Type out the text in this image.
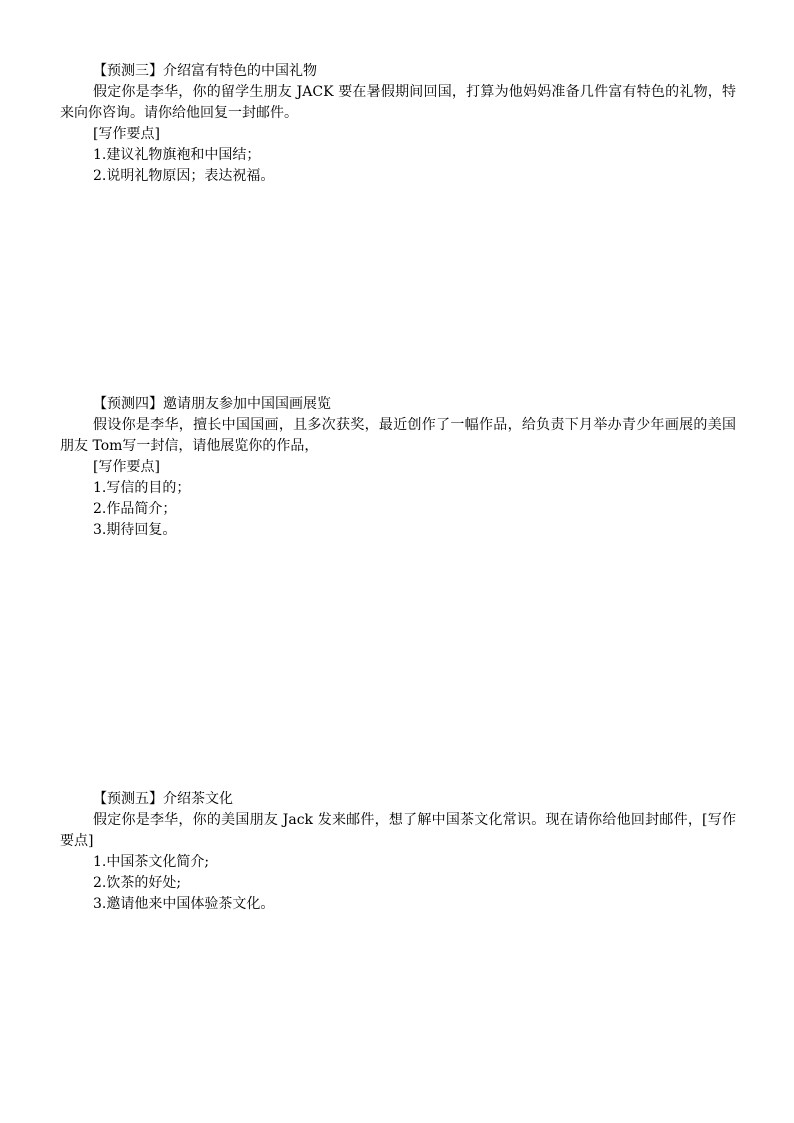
【预测三】介绍富有特色的中国礼物

假定你是李华，你的留学生朋友 JACK 要在暑假期间回国，打算为他妈妈准备几件富有特色的礼物，特来向你咨询。请你给他回复一封邮件。

[写作要点]
1.建议礼物旗袍和中国结；
2.说明礼物原因；表达祝福。
【预测四】邀请朋友参加中国国画展览

假设你是李华，擅长中国国画，且多次获奖，最近创作了一幅作品，给负责下月举办青少年画展的美国朋友 Tom写一封信，请他展览你的作品，

[写作要点]
1.写信的目的；
2.作品简介；
3.期待回复。
【预测五】介绍茶文化

假定你是李华，你的美国朋友 Jack 发来邮件，想了解中国茶文化常识。现在请你给他回封邮件，[写作要点]

1.中国茶文化简介;
2.饮茶的好处;
3.邀请他来中国体验茶文化。
